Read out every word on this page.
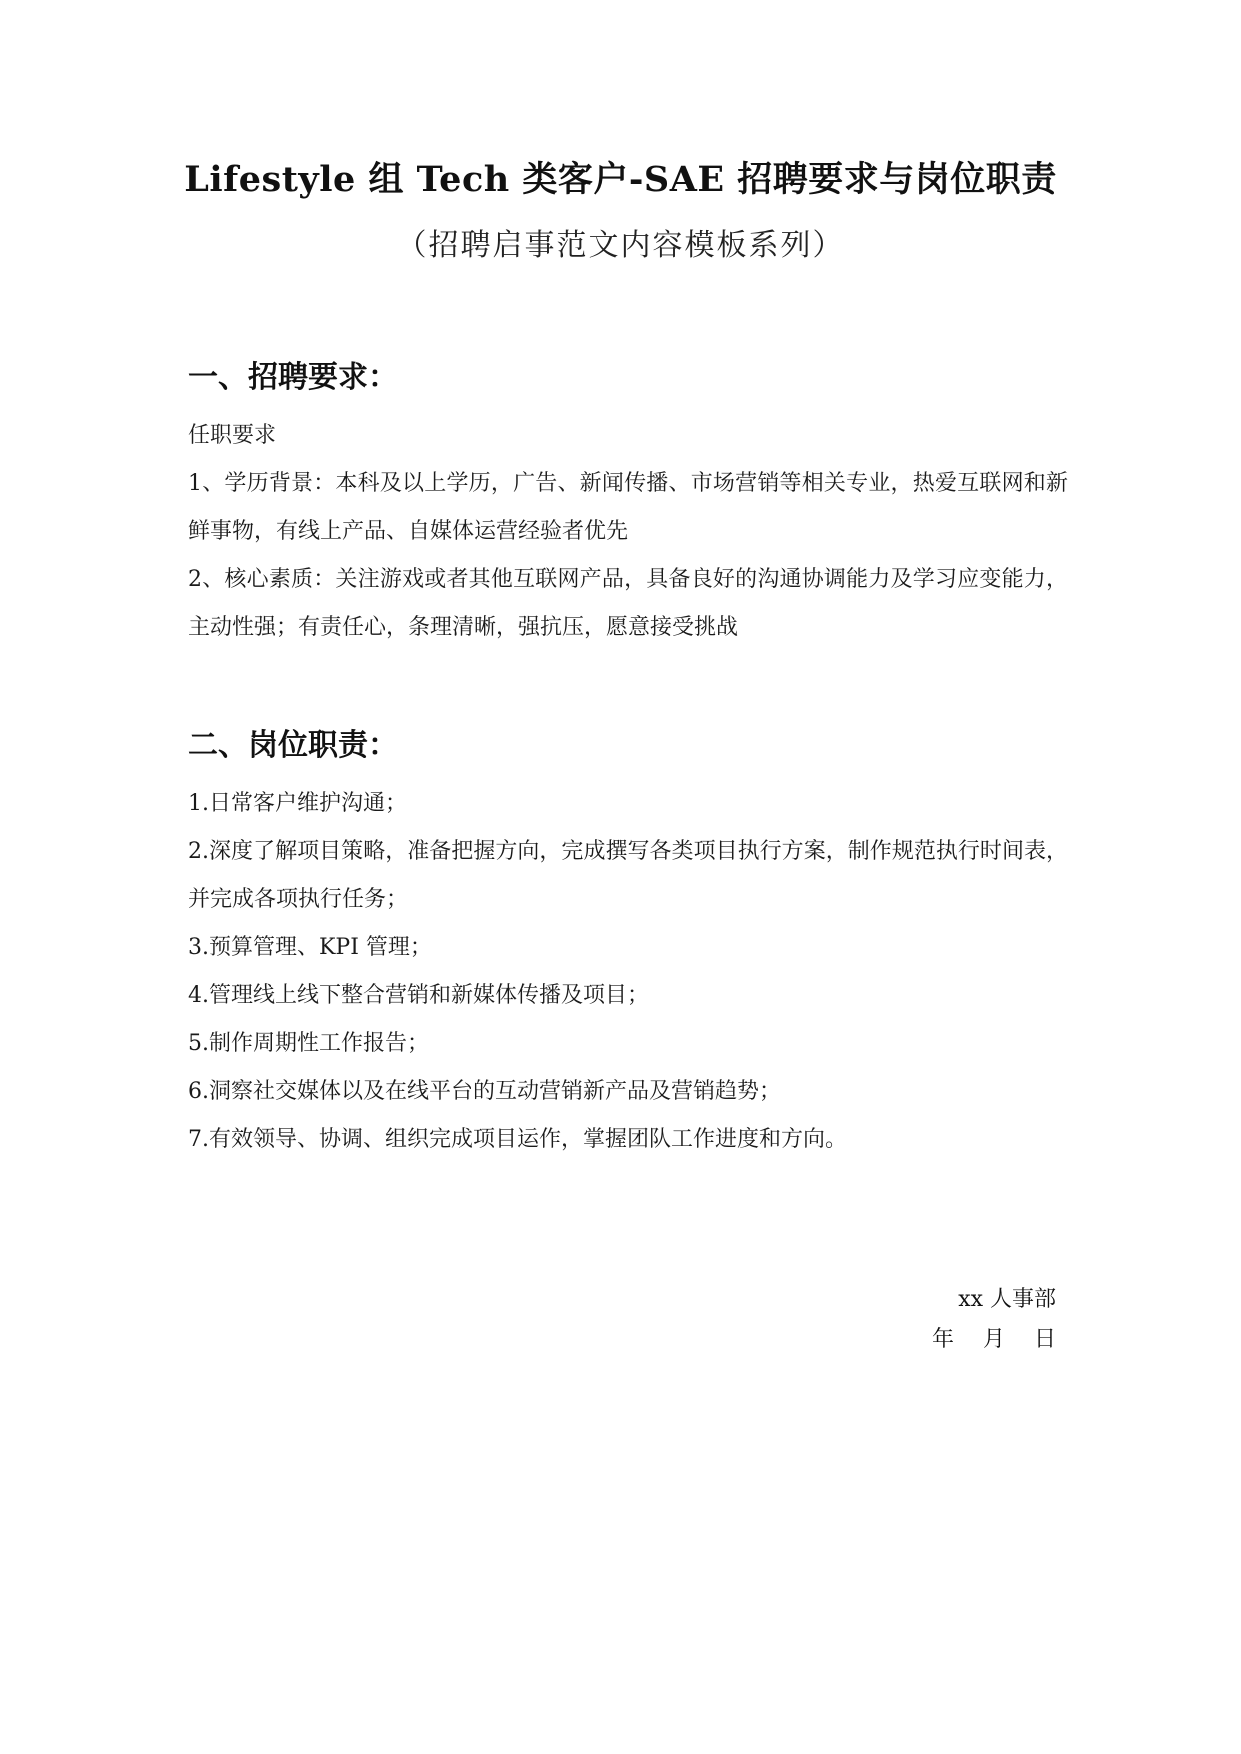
Lifestyle 组 Tech 类客户-SAE 招聘要求与岗位职责
（招聘启事范文内容模板系列）
一、招聘要求：

任职要求

1、学历背景：本科及以上学历，广告、新闻传播、市场营销等相关专业，热爱互联网和新鲜事物，有线上产品、自媒体运营经验者优先

2、核心素质：关注游戏或者其他互联网产品，具备良好的沟通协调能力及学习应变能力，主动性强；有责任心，条理清晰，强抗压，愿意接受挑战

二、岗位职责：

1.日常客户维护沟通；

2.深度了解项目策略，准备把握方向，完成撰写各类项目执行方案，制作规范执行时间表，并完成各项执行任务；

3.预算管理、KPI 管理；

4.管理线上线下整合营销和新媒体传播及项目；

5.制作周期性工作报告；

6.洞察社交媒体以及在线平台的互动营销新产品及营销趋势；

7.有效领导、协调、组织完成项目运作，掌握团队工作进度和方向。

xx 人事部
年 月 日
